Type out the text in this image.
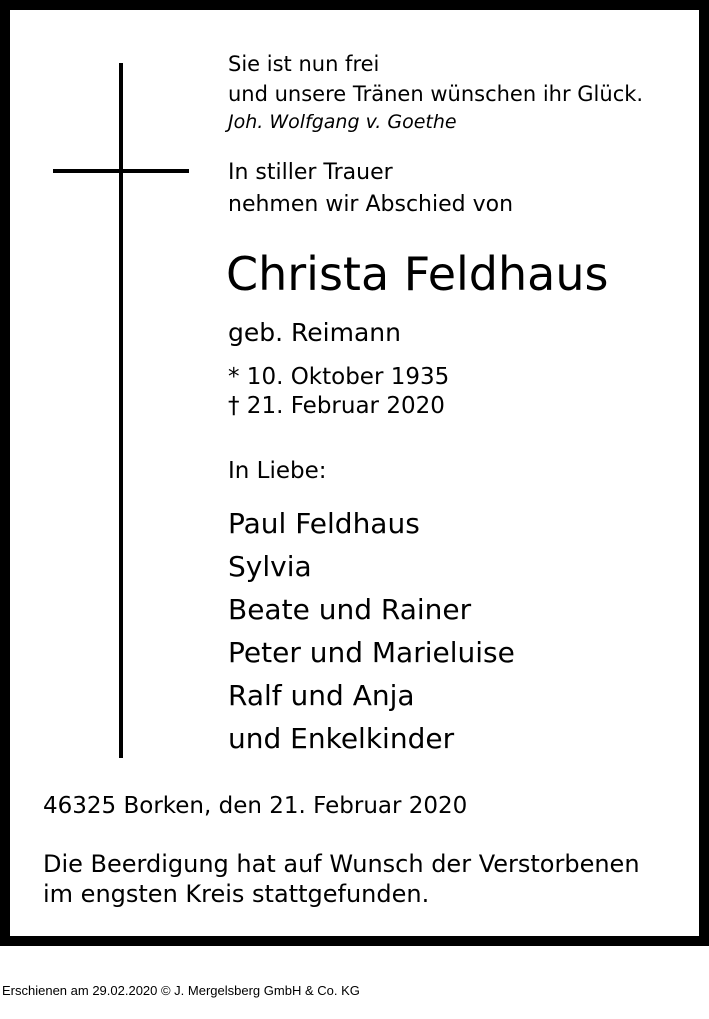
Sie ist nun frei

und unsere Tränen wünschen ihr Glück.

Joh. Wolfgang v. Goethe

In stiller Trauer

nehmen wir Abschied von

Christa Feldhaus

geb. Reimann

* 10. Oktober 1935

† 21. Februar 2020

In Liebe:

Paul Feldhaus

Sylvia

Beate und Rainer

Peter und Marieluise

Ralf und Anja

und Enkelkinder

46325 Borken, den 21. Februar 2020

Die Beerdigung hat auf Wunsch der Verstorbenen

im engsten Kreis stattgefunden.

Erschienen am 29.02.2020 © J. Mergelsberg GmbH & Co. KG
